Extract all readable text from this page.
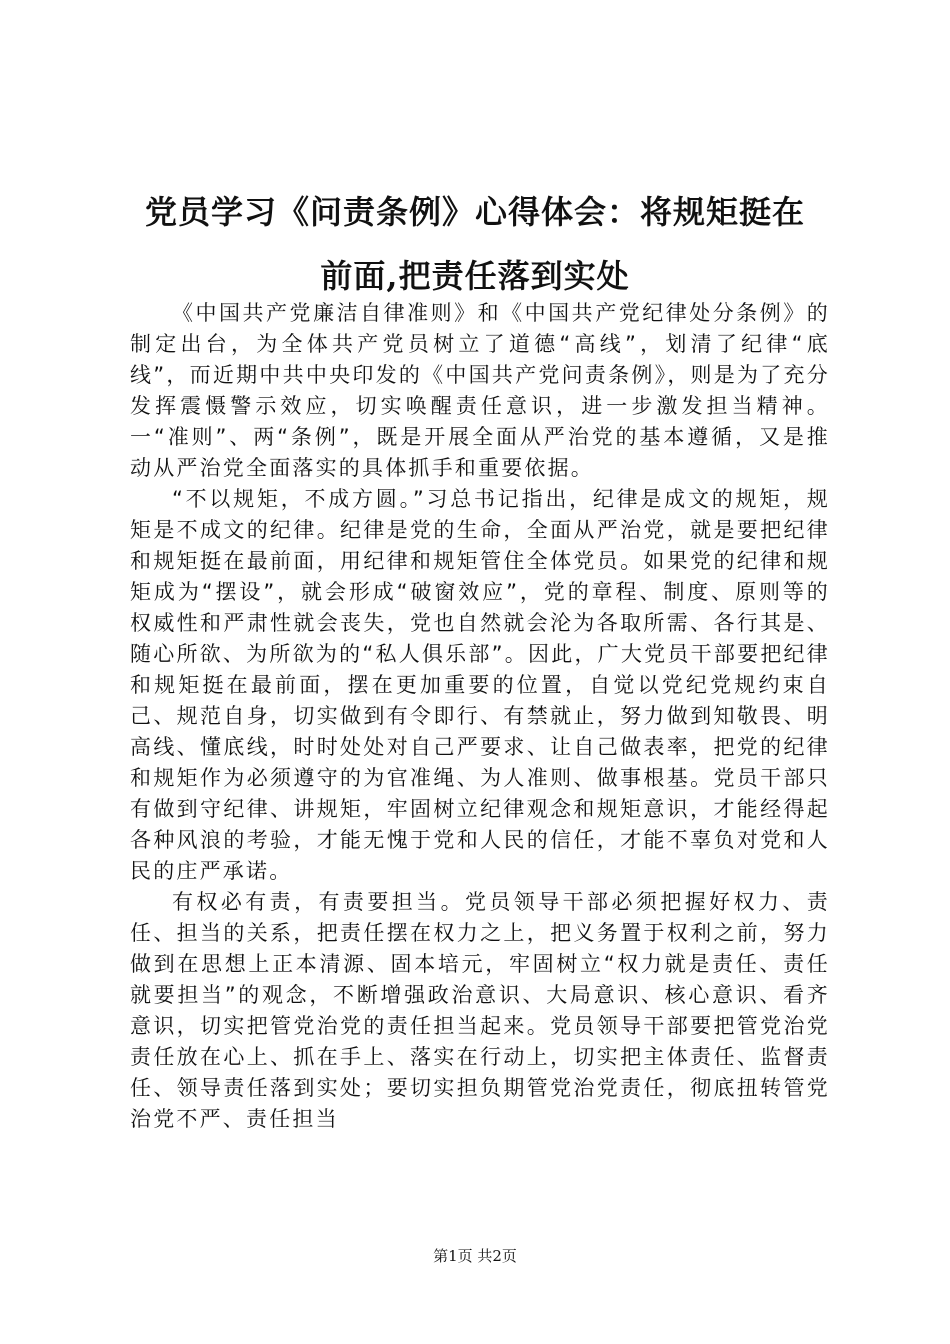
党员学习《问责条例》心得体会：将规矩挺在
前面,把责任落到实处

《中国共产党廉洁自律准则》和《中国共产党纪律处分条例》的制定出台，为全体共产党员树立了道德“高线”，划清了纪律“底线”，而近期中共中央印发的《中国共产党问责条例》，则是为了充分发挥震慑警示效应，切实唤醒责任意识，进一步激发担当精神。一“准则”、两“条例”，既是开展全面从严治党的基本遵循，又是推动从严治党全面落实的具体抓手和重要依据。

“不以规矩，不成方圆。”习总书记指出，纪律是成文的规矩，规矩是不成文的纪律。纪律是党的生命，全面从严治党，就是要把纪律和规矩挺在最前面，用纪律和规矩管住全体党员。如果党的纪律和规矩成为“摆设”，就会形成“破窗效应”，党的章程、制度、原则等的权威性和严肃性就会丧失，党也自然就会沦为各取所需、各行其是、随心所欲、为所欲为的“私人俱乐部”。因此，广大党员干部要把纪律和规矩挺在最前面，摆在更加重要的位置，自觉以党纪党规约束自己、规范自身，切实做到有令即行、有禁就止，努力做到知敬畏、明高线、懂底线，时时处处对自己严要求、让自己做表率，把党的纪律和规矩作为必须遵守的为官准绳、为人准则、做事根基。党员干部只有做到守纪律、讲规矩，牢固树立纪律观念和规矩意识，才能经得起各种风浪的考验，才能无愧于党和人民的信任，才能不辜负对党和人民的庄严承诺。

有权必有责，有责要担当。党员领导干部必须把握好权力、责任、担当的关系，把责任摆在权力之上，把义务置于权利之前，努力做到在思想上正本清源、固本培元，牢固树立“权力就是责任、责任就要担当”的观念，不断增强政治意识、大局意识、核心意识、看齐意识，切实把管党治党的责任担当起来。党员领导干部要把管党治党责任放在心上、抓在手上、落实在行动上，切实把主体责任、监督责任、领导责任落到实处；要切实担负期管党治党责任，彻底扭转管党治党不严、责任担当

第1页 共2页
